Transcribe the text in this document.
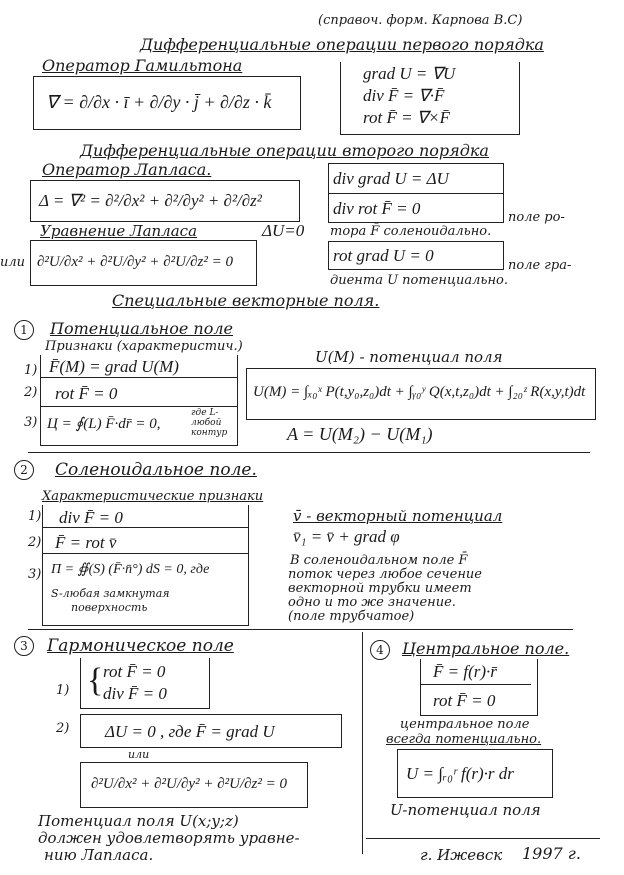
(справоч. форм. Карпова В.С)
Дифференциальные операции первого порядка
Оператор Гамильтона
∇ = ∂/∂x · ī + ∂/∂y · j̄ + ∂/∂z · k̄
grad U = ∇U
div F̄ = ∇·F̄
rot F̄ = ∇×F̄
Дифференциальные операции второго порядка
Оператор Лапласа.
Δ = ∇² = ∂²/∂x² + ∂²/∂y² + ∂²/∂z²
Уравнение Лапласа	ΔU=0
или ∂²U/∂x² + ∂²U/∂y² + ∂²U/∂z² = 0
div grad U = ΔU
div rot F̄ = 0	поле ро-
тора F̄ соленоидально.
rot grad U = 0
поле гра-
диента U потенциально.
Специальные векторные поля.
1	Потенциальное поле
Признаки (характеристич.)
F̄(M) = grad U(M)
rot F̄ = 0
Ц = ∮(L) F̄·dr̄ = 0,
где L-любой контур
1)
2)
3)
U(M) - потенциал поля
U(M) = ∫ₓ₀ˣ P(t,y₀,z₀)dt + ∫ᵧ₀ʸ Q(x,t,z₀)dt + ∫₂₀ᶻ R(x,y,t)dt
A = U(M₂) − U(M₁)
2	Соленоидальное поле.
Характеристические признаки
div F̄ = 0
F̄ = rot v̄
Π = ∯(S) (F̄·n̄°) dS = 0, где
S-любая замкнутая
поверхность
1)
2)
3)
v̄ - векторный потенциал
v̄₁ = v̄ + grad φ
В соленоидальном поле F̄
поток через любое сечение
векторной трубки имеет
одно и то же значение.
(поле трубчатое)
3	Гармоническое поле
1) { rot F̄ = 0
div F̄ = 0
2) ΔU = 0 , где F̄ = grad U
или
∂²U/∂x² + ∂²U/∂y² + ∂²U/∂z² = 0
Потенциал поля U(x;y;z)
должен удовлетворять уравне-
нию Лапласа.
4	Центральное поле.
F̄ = f(r)·r̄
rot F̄ = 0
центральное поле
всегда потенциально.
U = ∫ᵣ₀ʳ f(r)·r dr
U-потенциал поля
г. Ижевск 1997 г.
